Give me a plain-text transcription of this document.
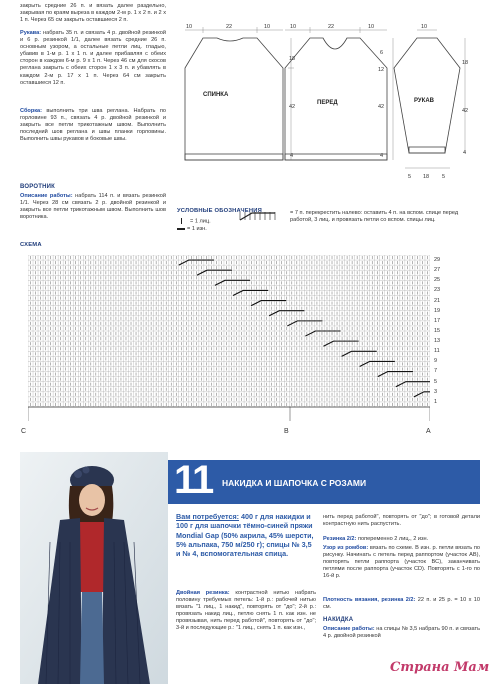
закрыть средние 26 п. и вязать далее раздельно, закрывая по краям выреза в каждом 2-м р. 1 х 2 п. и 2 х 1 п. Через 65 см закрыть оставшиеся 2 п.
Рукава: набрать 35 п. и связать 4 р. двойной резинкой и 6 р. резинкой 1/1, далее вязать средние 26 п. основным узором, а остальные петли лиц. гладью, убавив в 1-м р. 1 х 1 п. и далее прибавляя с обеих сторон в каждом 6-м р. 9 х 1 п. Через 46 см для скосов реглана закрыть с обеих сторон 1 х 3 п. и убавлять в каждом 2-м р. 17 х 1 п. Через 64 см закрыть оставшиеся 12 п.
Сборка: выполнить три шва реглана. Набрать по горловине 93 п., связать 4 р. двойной резинкой и закрыть все петли трикотажным швом. Выполнить последний шов реглана и швы планки горловины. Выполнить швы рукавов и боковые швы.
ВОРОТНИК
Описание работы: набрать 114 п. и вязать резинкой 1/1. Через 28 см связать 2 р. двойной резинкой и закрыть все петли трикотажным швом. Выполнить шов воротника.
10	22	10
18
42
4
СПИНКА
10	22	10
6
12
42
4
ПЕРЕД
10
18
42
4
5 18 5
РУКАВ
УСЛОВНЫЕ ОБОЗНАЧЕНИЯ
= 1 лиц.
= 1 изн.
= 7 п. перекрестить налево: оставить 4 п. на вспом. спице перед работой, 3 лиц. и провязать петли со вспом. спицы лиц.
СХЕМА
29
27
25
23
21
19
17
15
13
11
9
7
5
3
1
C	B	A
11 НАКИДКА И ШАПОЧКА С РОЗАМИ
Вам потребуется: 400 г для накидки и 100 г для шапочки тёмно-синей пряжи Mondial Gap (50% акрила, 45% шерсти, 5% альпака, 750 м/250 г); спицы № 3,5 и № 4, вспомогательная спица.
Двойная резинка: контрастной нитью набрать половину требуемых петель: 1-й р.: рабочей нитью вязать "1 лиц., 1 накид", повторять от "до"; 2-й р.: провязать накид лиц., петлю снять 1 п. как изн. не провязывая, нить перед работой", повторять от "до"; 3-й и последующие р.: "1 лиц., снять 1 п. как изн.,
нить перед работой", повторять от "до"; в готовой детали контрастную нить распустить.
Резинка 2/2: попеременно 2 лиц., 2 изн.
Узор из ромбов: вязать по схеме. В изн. р. петли вязать по рисунку. Начинать с петель перед раппортом (участок AB), повторять петли раппорта (участок BC), заканчивать петлями после раппорта (участок CD). Повторять с 1-го по 16-й р.
Плотность вязания, резинка 2/2: 22 п. и 25 р. = 10 х 10 см.
НАКИДКА
Описание работы: на спицы № 3,5 набрать 90 п. и связать 4 р. двойной резинкой
Страна Мам
